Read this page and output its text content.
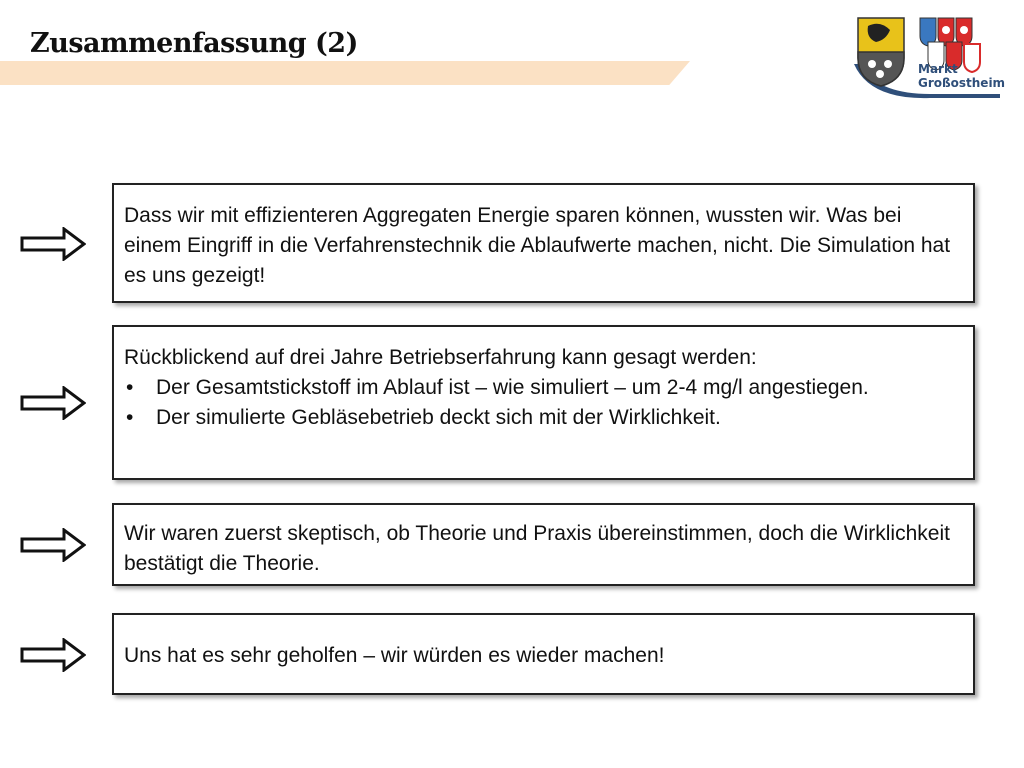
Zusammenfassung (2)
Markt
Großostheim
Dass wir mit effizienteren Aggregaten Energie sparen können, wussten wir. Was bei einem Eingriff in die Verfahrenstechnik die Ablaufwerte machen, nicht. Die Simulation hat es uns gezeigt!
Rückblickend auf drei Jahre Betriebserfahrung kann gesagt werden:
• Der Gesamtstickstoff im Ablauf ist – wie simuliert – um 2-4 mg/l angestiegen.
• Der simulierte Gebläsebetrieb deckt sich mit der Wirklichkeit.
Wir waren zuerst skeptisch, ob Theorie und Praxis übereinstimmen, doch die Wirklichkeit bestätigt die Theorie.
Uns hat es sehr geholfen – wir würden es wieder machen!
